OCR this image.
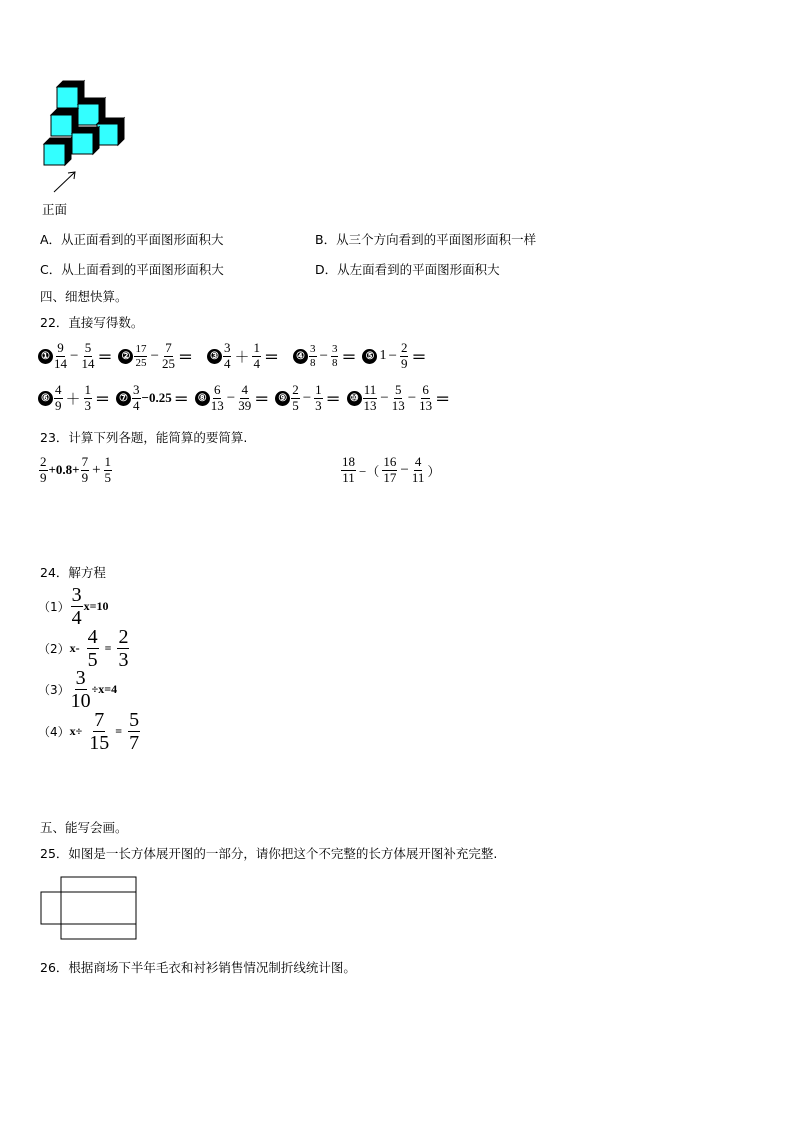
正面
A．从正面看到的平面图形面积大	B．从三个方向看到的平面图形面积一样
C．从上面看到的平面图形面积大	D．从左面看到的平面图形面积大
四、细想快算。
22．直接写得数。
① $\frac{9}{14} - \frac{5}{14}$ ＝ ② $\frac{17}{25} - \frac{7}{25}$ ＝	③ $\frac{3}{4} + \frac{1}{4}$ ＝	④ $\frac{3}{8} - \frac{3}{8}$ ＝ ⑤ $1 - \frac{2}{9}$ ＝
⑥ $\frac{4}{9} + \frac{1}{3}$ ＝ ⑦ $\frac{3}{4} -0.25$ ＝ ⑧ $\frac{6}{13} - \frac{4}{39}$ ＝ ⑨ $\frac{2}{5} - \frac{1}{3}$ ＝ ⑩ $\frac{11}{13} - \frac{5}{13} - \frac{6}{13}$ ＝
23．计算下列各题，能简算的要简算.
$\frac{2}{9} +0.8+ \frac{7}{9} + \frac{1}{5}$	$\frac{18}{11}$ −（ $\frac{16}{17} - \frac{4}{11}$ ）
24．解方程
$(1) \frac{3}{4} x=10$
（2） $x- \frac{4}{5} = \frac{2}{3}$
$(3) \frac{3}{10} \div x=4$
（4） $x\div \frac{7}{15} = \frac{5}{7}$
五、能写会画。
25．如图是一长方体展开图的一部分，请你把这个不完整的长方体展开图补充完整.
26．根据商场下半年毛衣和衬衫销售情况制折线统计图。
